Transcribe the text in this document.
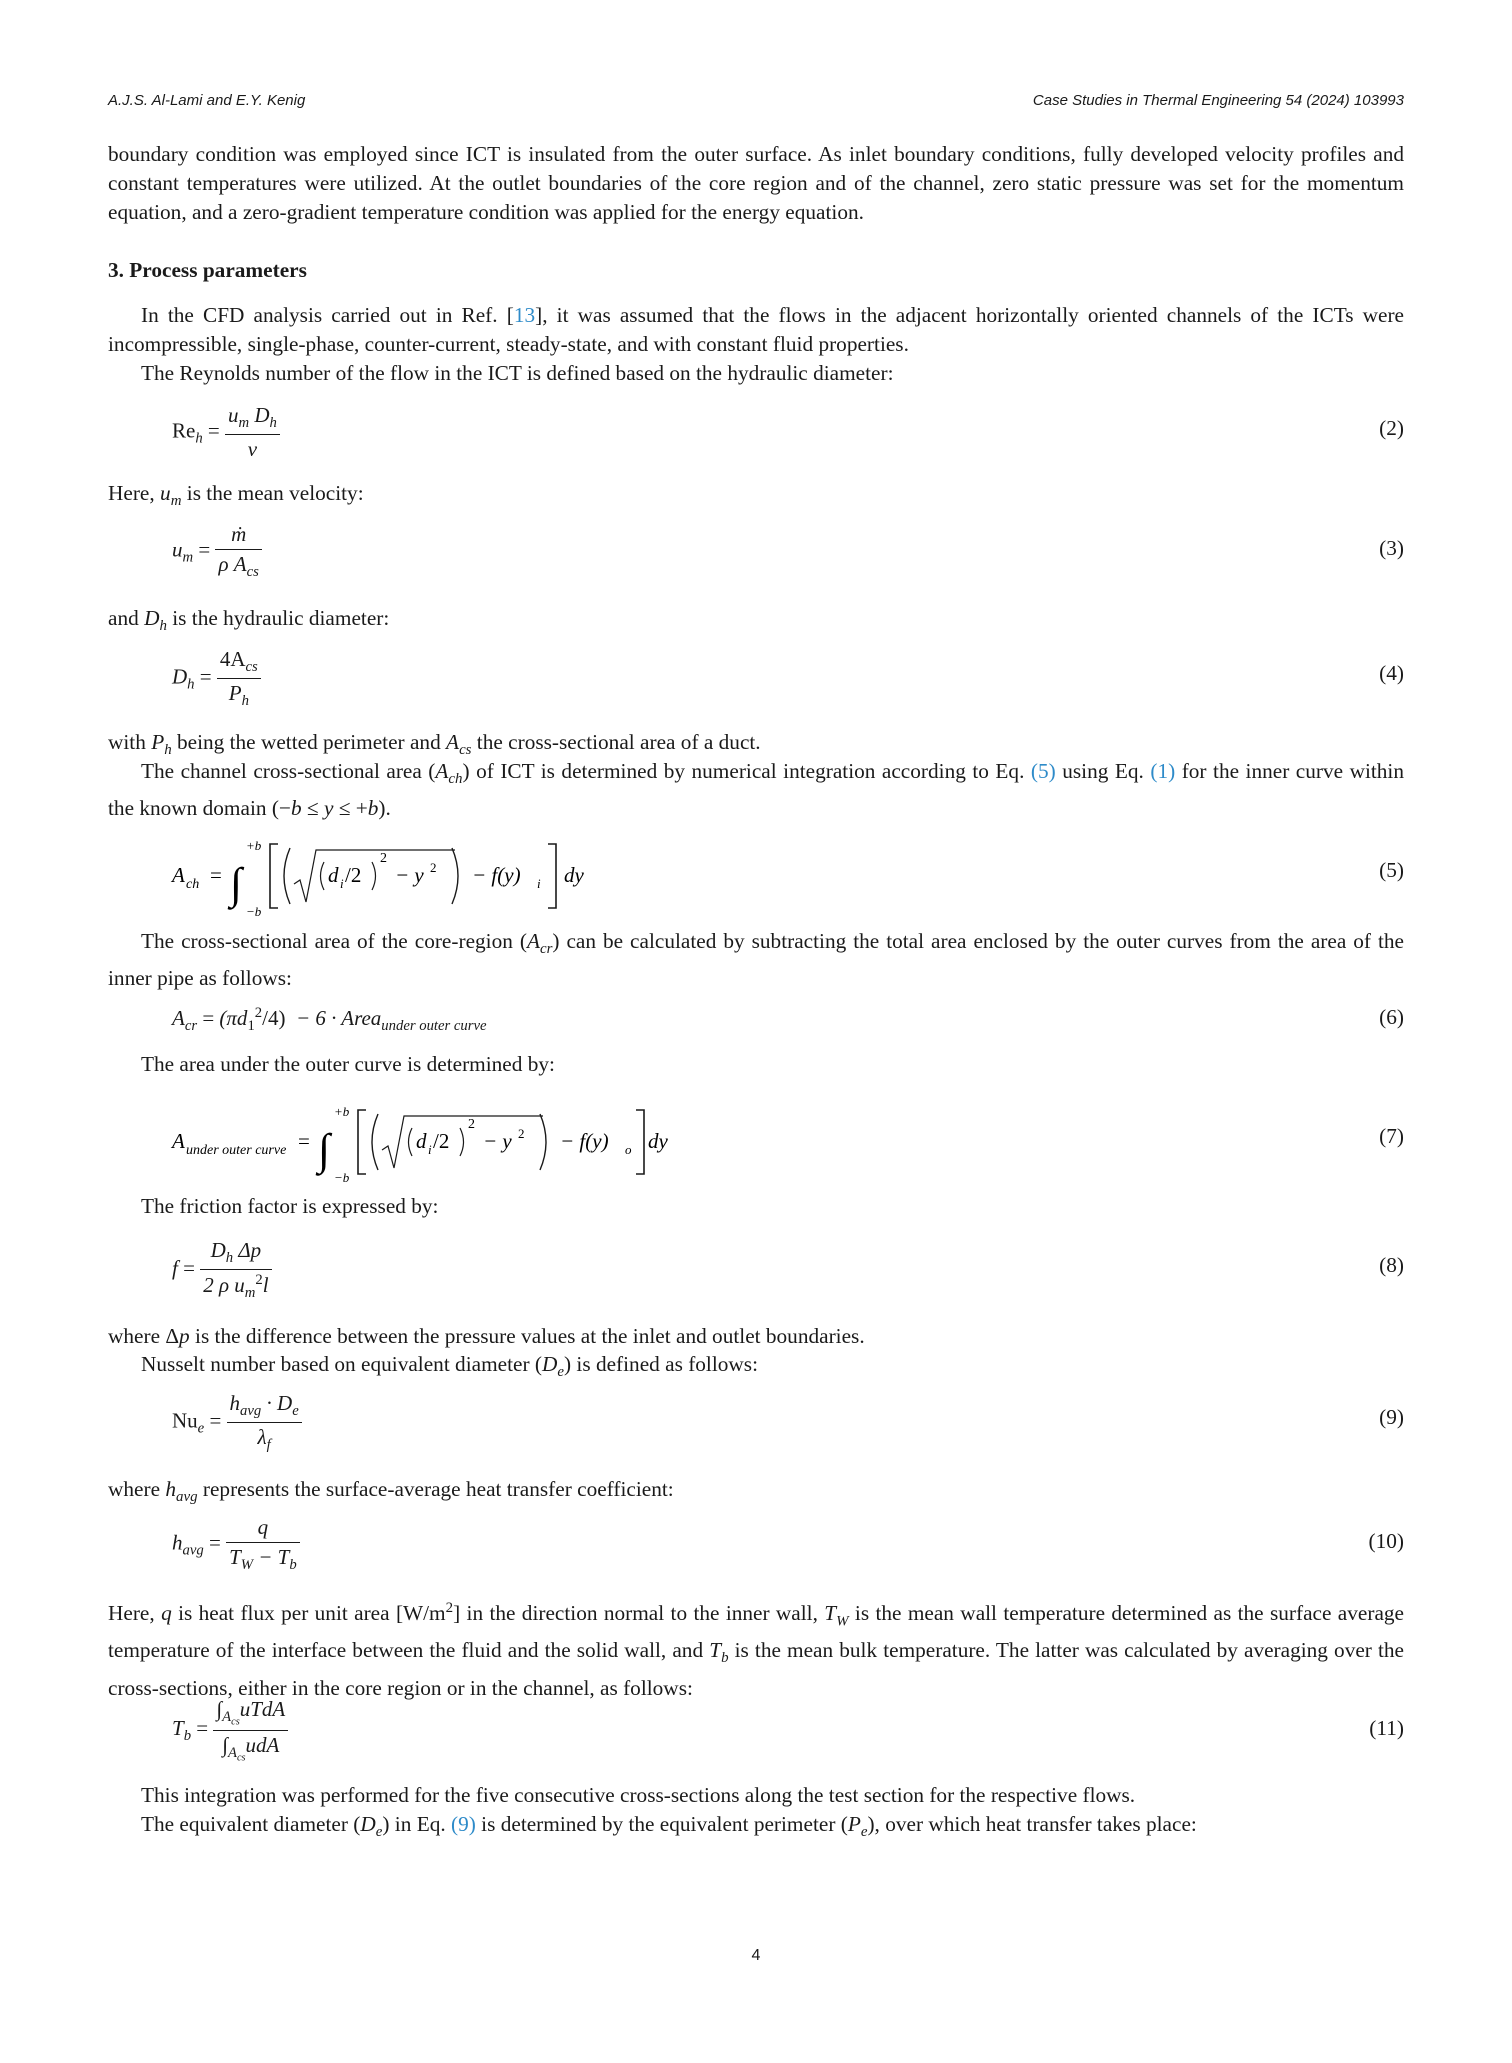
A.J.S. Al-Lami and E.Y. Kenig	Case Studies in Thermal Engineering 54 (2024) 103993
boundary condition was employed since ICT is insulated from the outer surface. As inlet boundary conditions, fully developed velocity profiles and constant temperatures were utilized. At the outlet boundaries of the core region and of the channel, zero static pressure was set for the momentum equation, and a zero-gradient temperature condition was applied for the energy equation.
3. Process parameters
In the CFD analysis carried out in Ref. [13], it was assumed that the flows in the adjacent horizontally oriented channels of the ICTs were incompressible, single-phase, counter-current, steady-state, and with constant fluid properties.
The Reynolds number of the flow in the ICT is defined based on the hydraulic diameter:
$Re_h = \frac{u_m D_h}{\nu}$	(2)
Here, $u_m$ is the mean velocity:
$u_m = \frac{\text{ṁ}}{\rho A_{cs}}$	(3)
and $D_h$ is the hydraulic diameter:
$D_h = \frac{4A_{cs}}{P_h}$	(4)
with $P_h$ being the wetted perimeter and $A_{cs}$ the cross-sectional area of a duct.
The channel cross-sectional area $(A_{ch})$ of ICT is determined by numerical integration according to Eq. (5) using Eq. (1) for the inner curve within the known domain (−b ≤ y ≤ +b).
A ch = ∫
+b
−b
d i /2
2
− y 2 − f(y) i dy	(5)
The cross-sectional area of the core-region $(A_{cr})$ can be calculated by subtracting the total area enclosed by the outer curves from the area of the inner pipe as follows:
$A_{cr} = (\pi d_1^2/4) - 6$ · Area$_{under outer curve}$	(6)
The area under the outer curve is determined by:
A under outer curve = ∫
+b
−b
d i /2
2
− y 2 − f(y) o dy	(7)
The friction factor is expressed by:
$f = \frac{D_h \Delta p}{2 \rho u_m^2l}$	(8)
where Δp is the difference between the pressure values at the inlet and outlet boundaries.
Nusselt number based on equivalent diameter $(D_e)$ is defined as follows:
$Nu_e = \frac{h_{avg} \cdot D_e}{\lambda_f}$	(9)
where $h_{avg}$ represents the surface-average heat transfer coefficient:
$h_{avg} = \frac{q}{T_W - T_b}$	(10)
Here, q is heat flux per unit area $[W/m^2]$ in the direction normal to the inner wall, $T_W$ is the mean wall temperature determined as the surface average temperature of the interface between the fluid and the solid wall, and $T_b$ is the mean bulk temperature. The latter was calculated by averaging over the cross-sections, either in the core region or in the channel, as follows:
$T_b = \frac{\int_{A_{cs}}uTdA}{\int_{A_{cs}}udA}$	(11)
This integration was performed for the five consecutive cross-sections along the test section for the respective flows.
The equivalent diameter $(D_e)$ in Eq. (9) is determined by the equivalent perimeter $(P_e)$, over which heat transfer takes place:
4
